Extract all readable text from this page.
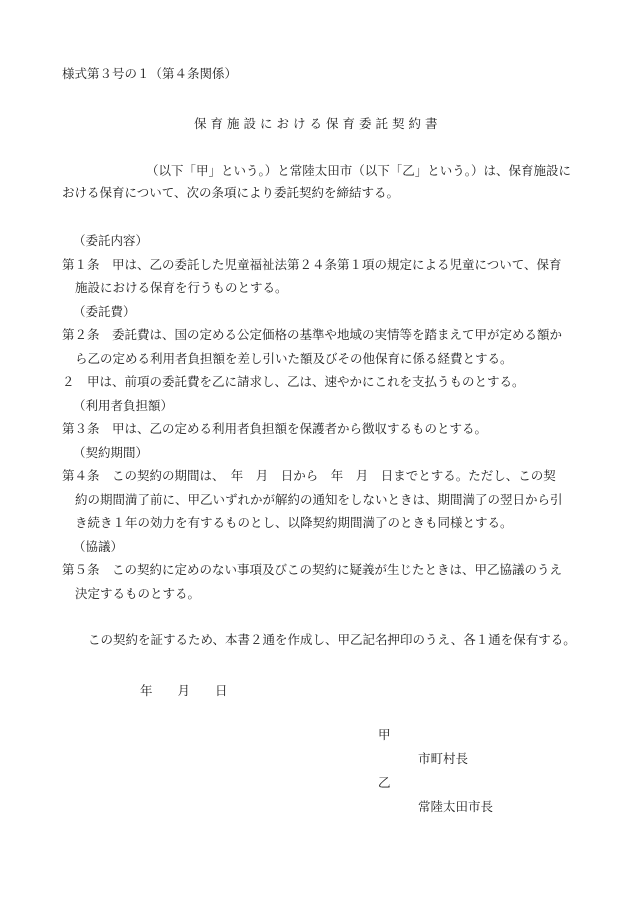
様式第３号の１（第４条関係）
保育施設における保育委託契約書
（以下「甲」という。）と常陸太田市（以下「乙」という。）は、保育施設に
おける保育について、次の条項により委託契約を締結する。
（委託内容）
第１条　甲は、乙の委託した児童福祉法第２４条第１項の規定による児童について、保育
施設における保育を行うものとする。
（委託費）
第２条　委託費は、国の定める公定価格の基準や地域の実情等を踏まえて甲が定める額か
ら乙の定める利用者負担額を差し引いた額及びその他保育に係る経費とする。
２　甲は、前項の委託費を乙に請求し、乙は、速やかにこれを支払うものとする。
（利用者負担額）
第３条　甲は、乙の定める利用者負担額を保護者から徴収するものとする。
（契約期間）
第４条　この契約の期間は、　年　月　日から　年　月　日までとする。ただし、この契
約の期間満了前に、甲乙いずれかが解約の通知をしないときは、期間満了の翌日から引
き続き１年の効力を有するものとし、以降契約期間満了のときも同様とする。
（協議）
第５条　この契約に定めのない事項及びこの契約に疑義が生じたときは、甲乙協議のうえ
決定するものとする。
この契約を証するため、本書２通を作成し、甲乙記名押印のうえ、各１通を保有する。
年　　月　　日
甲
市町村長
乙
常陸太田市長
